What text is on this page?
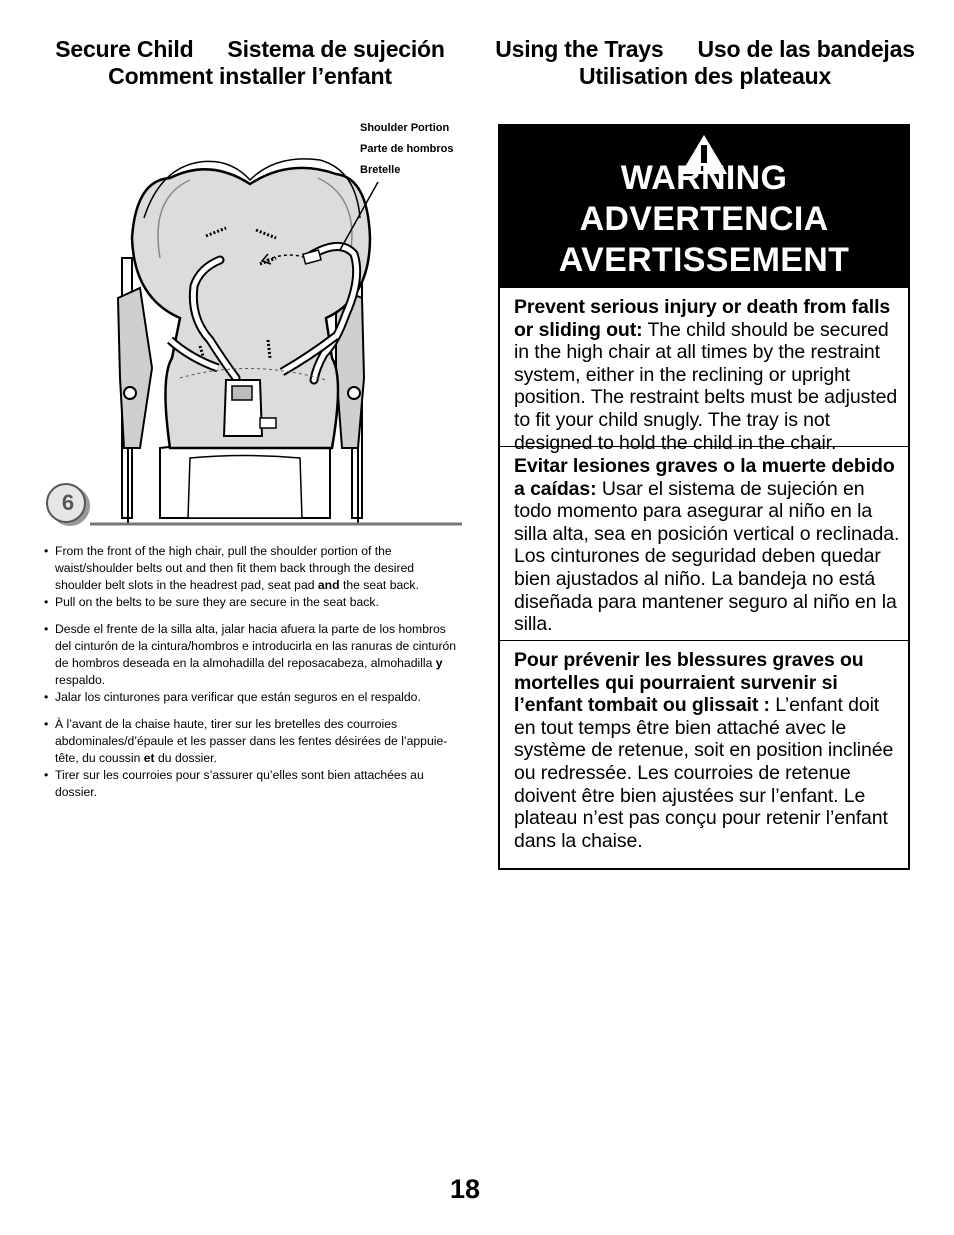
Secure Child Sistema de sujeción
Comment installer l’enfant
Using the Trays Uso de las bandejas
Utilisation des plateaux
Shoulder Portion
Parte de hombros
Bretelle
6
• From the front of the high chair, pull the shoulder portion of the waist/shoulder belts out and then fit them back through the desired shoulder belt slots in the headrest pad, seat pad and the seat back.
• Pull on the belts to be sure they are secure in the seat back.
• Desde el frente de la silla alta, jalar hacia afuera la parte de los hombros del cinturón de la cintura/hombros e introducirla en las ranuras de cinturón de hombros deseada en la almohadilla del reposacabeza, almohadilla y respaldo.
• Jalar los cinturones para verificar que están seguros en el respaldo.
• À l’avant de la chaise haute, tirer sur les bretelles des courroies abdominales/d’épaule et les passer dans les fentes désirées de l’appuie-tête, du coussin et du dossier.
• Tirer sur les courroies pour s’assurer qu’elles sont bien attachées au dossier.
WARNING
ADVERTENCIA
AVERTISSEMENT
Prevent serious injury or death from falls or sliding out: The child should be secured in the high chair at all times by the restraint system, either in the reclining or upright position. The restraint belts must be adjusted to fit your child snugly. The tray is not designed to hold the child in the chair.
Evitar lesiones graves o la muerte debido a caídas: Usar el sistema de sujeción en todo momento para asegurar al niño en la silla alta, sea en posición vertical o reclinada. Los cinturones de seguridad deben quedar bien ajustados al niño. La bandeja no está diseñada para mantener seguro al niño en la silla.
Pour prévenir les blessures graves ou mortelles qui pourraient survenir si l’enfant tombait ou glissait : L’enfant doit en tout temps être bien attaché avec le système de retenue, soit en position inclinée ou redressée. Les courroies de retenue doivent être bien ajustées sur l’enfant. Le plateau n’est pas conçu pour retenir l’enfant dans la chaise.
18
